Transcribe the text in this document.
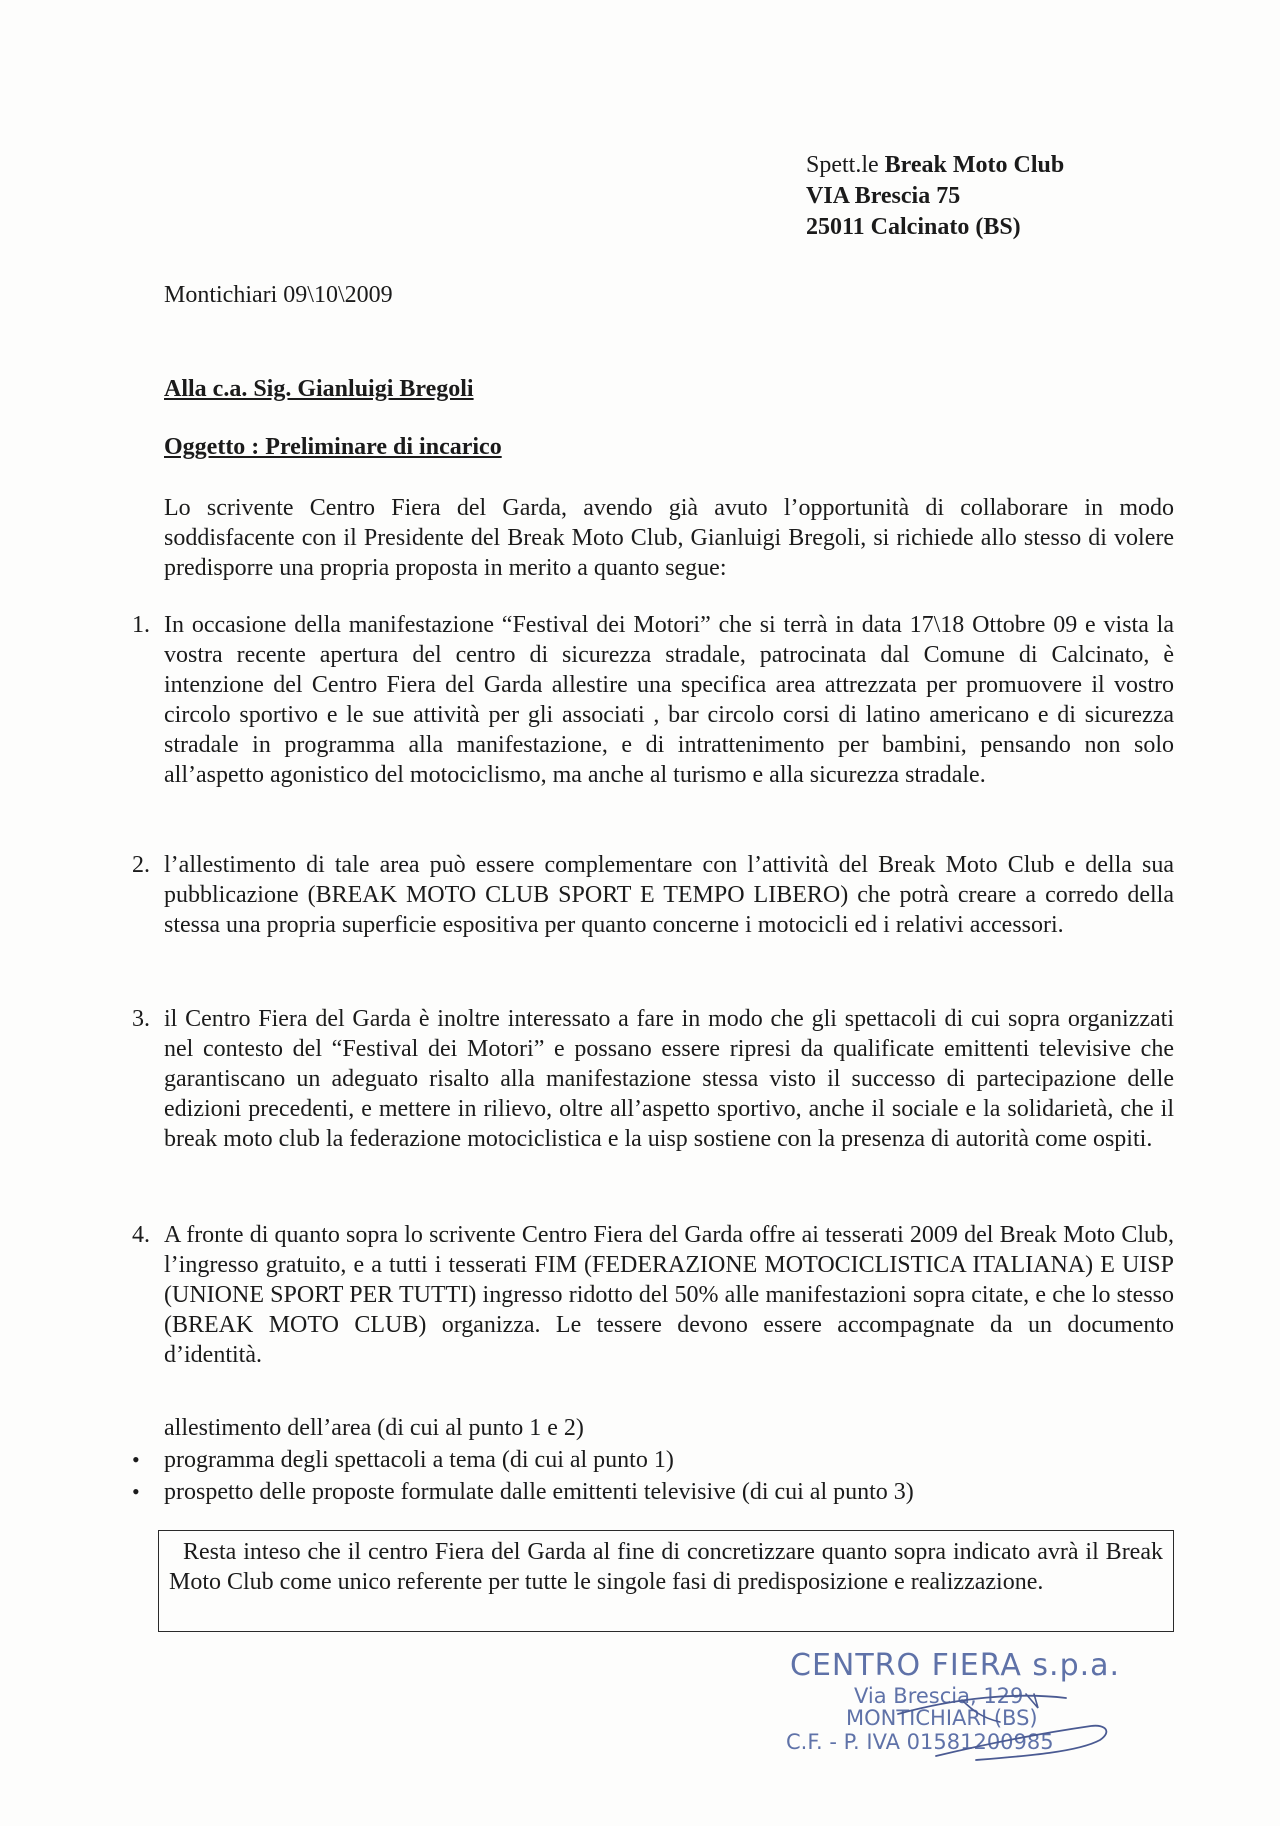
Spett.le Break Moto Club
VIA Brescia 75
25011 Calcinato (BS)
Montichiari 09\10\2009
Alla c.a. Sig. Gianluigi Bregoli
Oggetto : Preliminare di incarico
Lo scrivente Centro Fiera del Garda, avendo già avuto l’opportunità di collaborare in modo soddisfacente con il Presidente del Break Moto Club, Gianluigi Bregoli, si richiede allo stesso di volere predisporre una propria proposta in merito a quanto segue:
1. In occasione della manifestazione “Festival dei Motori” che si terrà in data 17\18 Ottobre 09 e vista la vostra recente apertura del centro di sicurezza stradale, patrocinata dal Comune di Calcinato, è intenzione del Centro Fiera del Garda allestire una specifica area attrezzata per promuovere il vostro circolo sportivo e le sue attività per gli associati , bar circolo corsi di latino americano e di sicurezza stradale in programma alla manifestazione, e di intrattenimento per bambini, pensando non solo all’aspetto agonistico del motociclismo, ma anche al turismo e alla sicurezza stradale.
2. l’allestimento di tale area può essere complementare con l’attività del Break Moto Club e della sua pubblicazione (BREAK MOTO CLUB SPORT E TEMPO LIBERO) che potrà creare a corredo della stessa una propria superficie espositiva per quanto concerne i motocicli ed i relativi accessori.
3. il Centro Fiera del Garda è inoltre interessato a fare in modo che gli spettacoli di cui sopra organizzati nel contesto del “Festival dei Motori” e possano essere ripresi da qualificate emittenti televisive che garantiscano un adeguato risalto alla manifestazione stessa visto il successo di partecipazione delle edizioni precedenti, e mettere in rilievo, oltre all’aspetto sportivo, anche il sociale e la solidarietà, che il break moto club la federazione motociclistica e la uisp sostiene con la presenza di autorità come ospiti.
4. A fronte di quanto sopra lo scrivente Centro Fiera del Garda offre ai tesserati 2009 del Break Moto Club, l’ingresso gratuito, e a tutti i tesserati FIM (FEDERAZIONE MOTOCICLISTICA ITALIANA) E UISP (UNIONE SPORT PER TUTTI) ingresso ridotto del 50% alle manifestazioni sopra citate, e che lo stesso (BREAK MOTO CLUB) organizza. Le tessere devono essere accompagnate da un documento d’identità.
allestimento dell’area (di cui al punto 1 e 2)
• programma degli spettacoli a tema (di cui al punto 1)
• prospetto delle proposte formulate dalle emittenti televisive (di cui al punto 3)
Resta inteso che il centro Fiera del Garda al fine di concretizzare quanto sopra indicato avrà il Break Moto Club come unico referente per tutte le singole fasi di predisposizione e realizzazione.
CENTRO FIERA s.p.a.
Via Brescia, 129
MONTICHIARI (BS)
C.F. - P. IVA 01581200985
